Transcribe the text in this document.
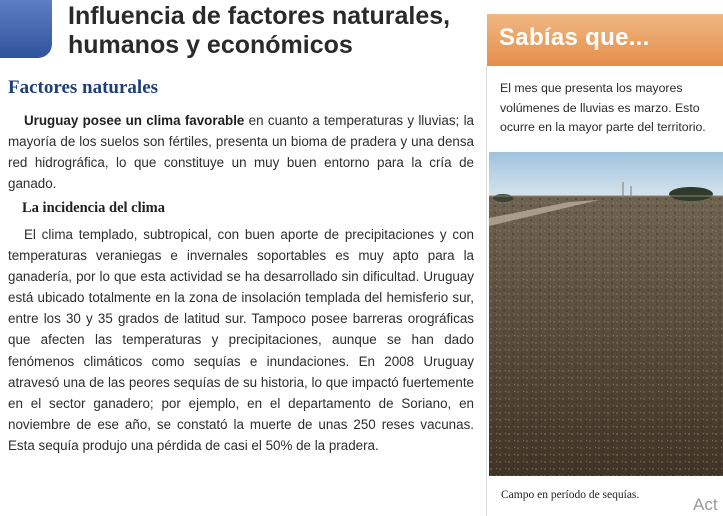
Influencia de factores naturales,
humanos y económicos
Factores naturales

Uruguay posee un clima favorable en cuanto a temperaturas y lluvias; la mayoría de los suelos son fértiles, presenta un bioma de pradera y una densa red hidrográfica, lo que constituye un muy buen entorno para la cría de ganado.

La incidencia del clima

El clima templado, subtropical, con buen aporte de precipitaciones y con temperaturas veraniegas e invernales soportables es muy apto para la ganadería, por lo que esta actividad se ha desarrollado sin dificultad. Uruguay está ubicado totalmente en la zona de insolación templada del hemisferio sur, entre los 30 y 35 grados de latitud sur. Tampoco posee barreras orográficas que afecten las temperaturas y precipitaciones, aunque se han dado fenómenos climáticos como sequías e inundaciones. En 2008 Uruguay atravesó una de las peores sequías de su historia, lo que impactó fuertemente en el sector ganadero; por ejemplo, en el departamento de Soriano, en noviembre de ese año, se constató la muerte de unas 250 reses vacunas. Esta sequía produjo una pérdida de casi el 50% de la pradera.

Sabías que...

El mes que presenta los mayores volúmenes de lluvias es marzo. Esto ocurre en la mayor parte del territorio.

Campo en período de sequías.	Act
